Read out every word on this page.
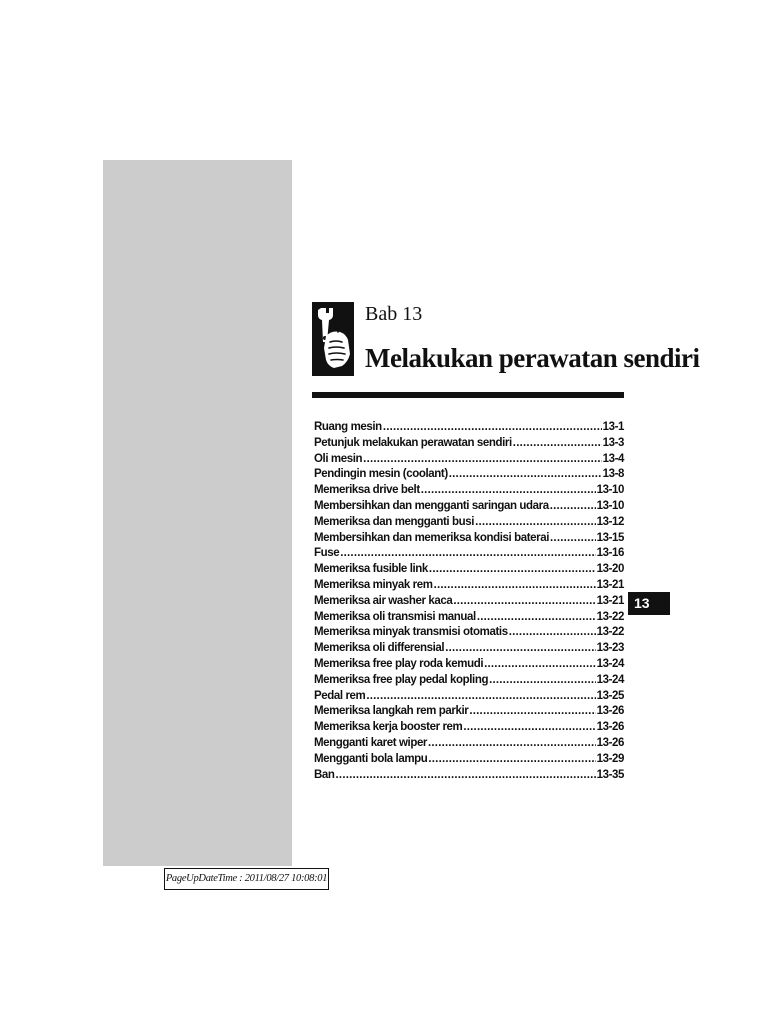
Bab 13
Melakukan perawatan sendiri
Ruang mesin .....	13-1
Petunjuk melakukan perawatan sendiri .....	13-3
Oli mesin .....	13-4
Pendingin mesin (coolant) .....	13-8
Memeriksa drive belt .....	13-10
Membersihkan dan mengganti saringan udara .....	13-10
Memeriksa dan mengganti busi .....	13-12
Membersihkan dan memeriksa kondisi baterai .....	13-15
Fuse .....	13-16
Memeriksa fusible link .....	13-20
Memeriksa minyak rem .....	13-21
Memeriksa air washer kaca .....	13-21
Memeriksa oli transmisi manual .....	13-22
Memeriksa minyak transmisi otomatis .....	13-22
Memeriksa oli differensial .....	13-23
Memeriksa free play roda kemudi .....	13-24
Memeriksa free play pedal kopling .....	13-24
Pedal rem .....	13-25
Memeriksa langkah rem parkir .....	13-26
Memeriksa kerja booster rem .....	13-26
Mengganti karet wiper .....	13-26
Mengganti bola lampu .....	13-29
Ban .....	13-35
13
PageUpDateTime : 2011/08/27 10:08:01
